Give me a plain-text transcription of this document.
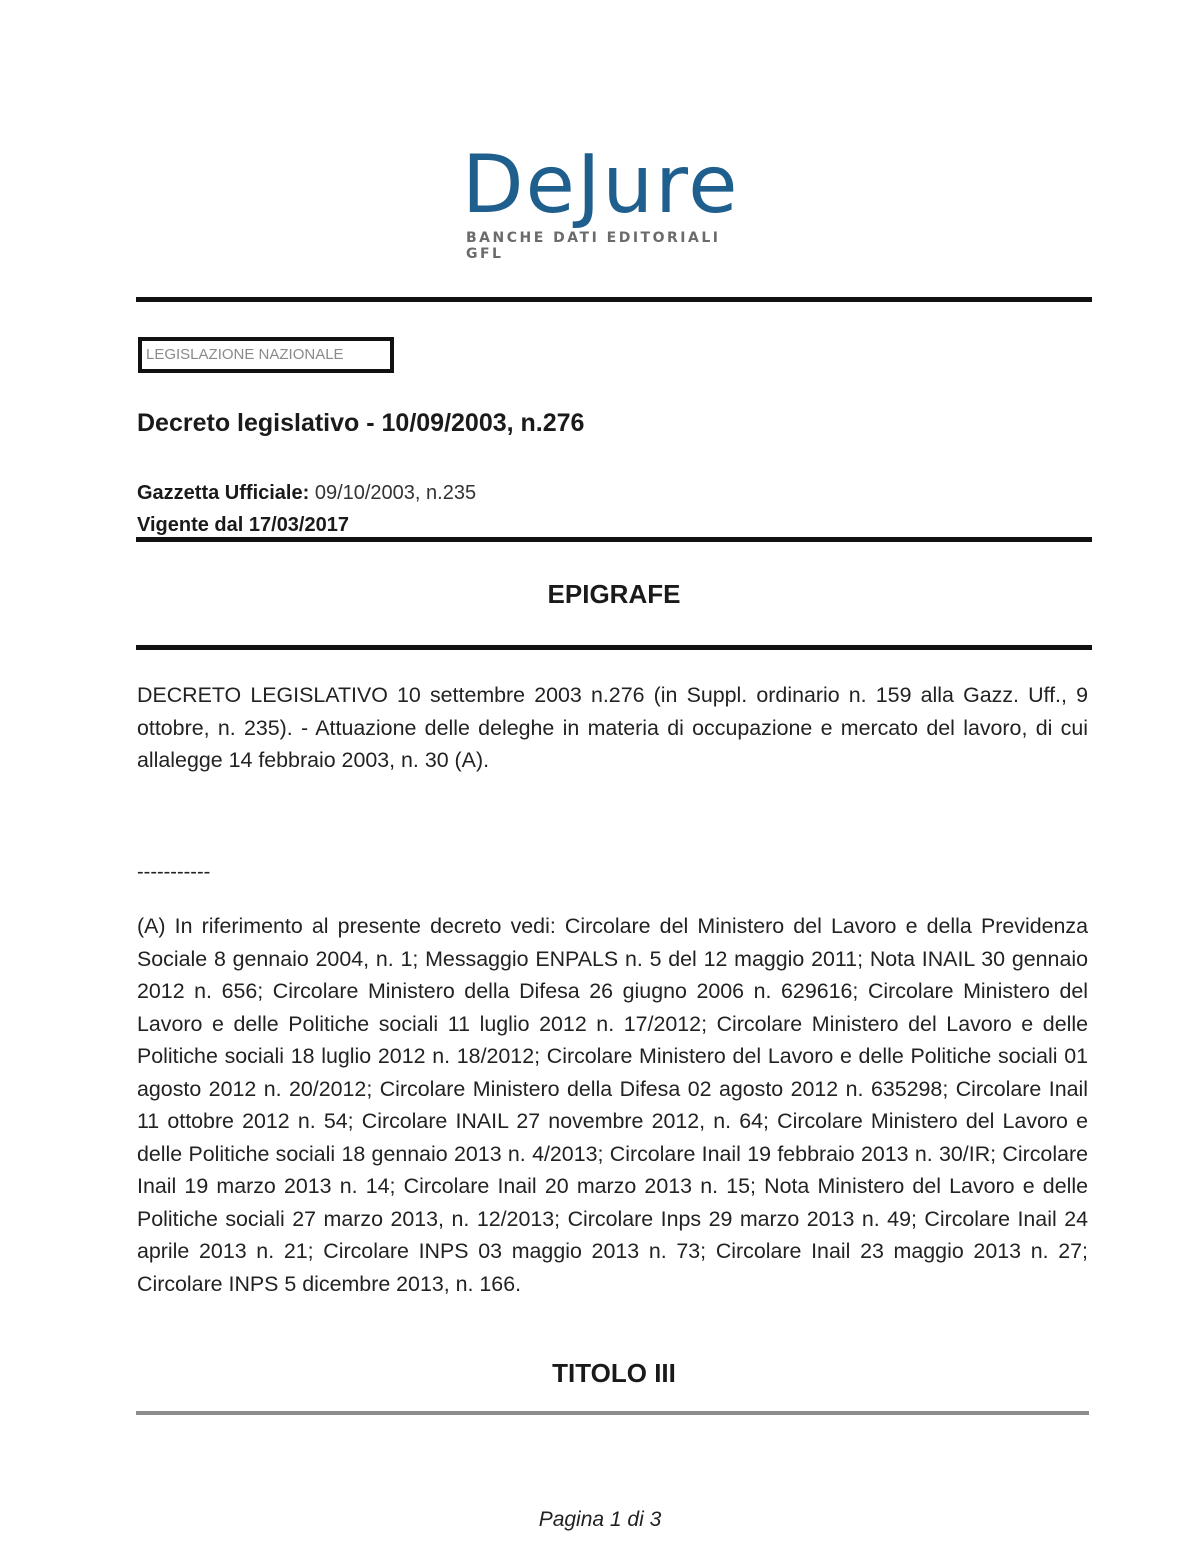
DeJure
BANCHE DATI EDITORIALI GFL
LEGISLAZIONE NAZIONALE
Decreto legislativo - 10/09/2003, n.276
Gazzetta Ufficiale: 09/10/2003, n.235
Vigente dal 17/03/2017
EPIGRAFE
DECRETO LEGISLATIVO 10 settembre 2003 n.276 (in Suppl. ordinario n. 159 alla Gazz. Uff., 9 ottobre, n. 235). - Attuazione delle deleghe in materia di occupazione e mercato del lavoro, di cui allalegge 14 febbraio 2003, n. 30 (A).
-----------
(A) In riferimento al presente decreto vedi: Circolare del Ministero del Lavoro e della Previdenza Sociale 8 gennaio 2004, n. 1; Messaggio ENPALS n. 5 del 12 maggio 2011; Nota INAIL 30 gennaio 2012 n. 656; Circolare Ministero della Difesa 26 giugno 2006 n. 629616; Circolare Ministero del Lavoro e delle Politiche sociali 11 luglio 2012 n. 17/2012; Circolare Ministero del Lavoro e delle Politiche sociali 18 luglio 2012 n. 18/2012; Circolare Ministero del Lavoro e delle Politiche sociali 01 agosto 2012 n. 20/2012; Circolare Ministero della Difesa 02 agosto 2012 n. 635298; Circolare Inail 11 ottobre 2012 n. 54; Circolare INAIL 27 novembre 2012, n. 64; Circolare Ministero del Lavoro e delle Politiche sociali 18 gennaio 2013 n. 4/2013; Circolare Inail 19 febbraio 2013 n. 30/IR; Circolare Inail 19 marzo 2013 n. 14; Circolare Inail 20 marzo 2013 n. 15; Nota Ministero del Lavoro e delle Politiche sociali 27 marzo 2013, n. 12/2013; Circolare Inps 29 marzo 2013 n. 49; Circolare Inail 24 aprile 2013 n. 21; Circolare INPS 03 maggio 2013 n. 73; Circolare Inail 23 maggio 2013 n. 27; Circolare INPS 5 dicembre 2013, n. 166.
TITOLO III
Pagina 1 di 3
